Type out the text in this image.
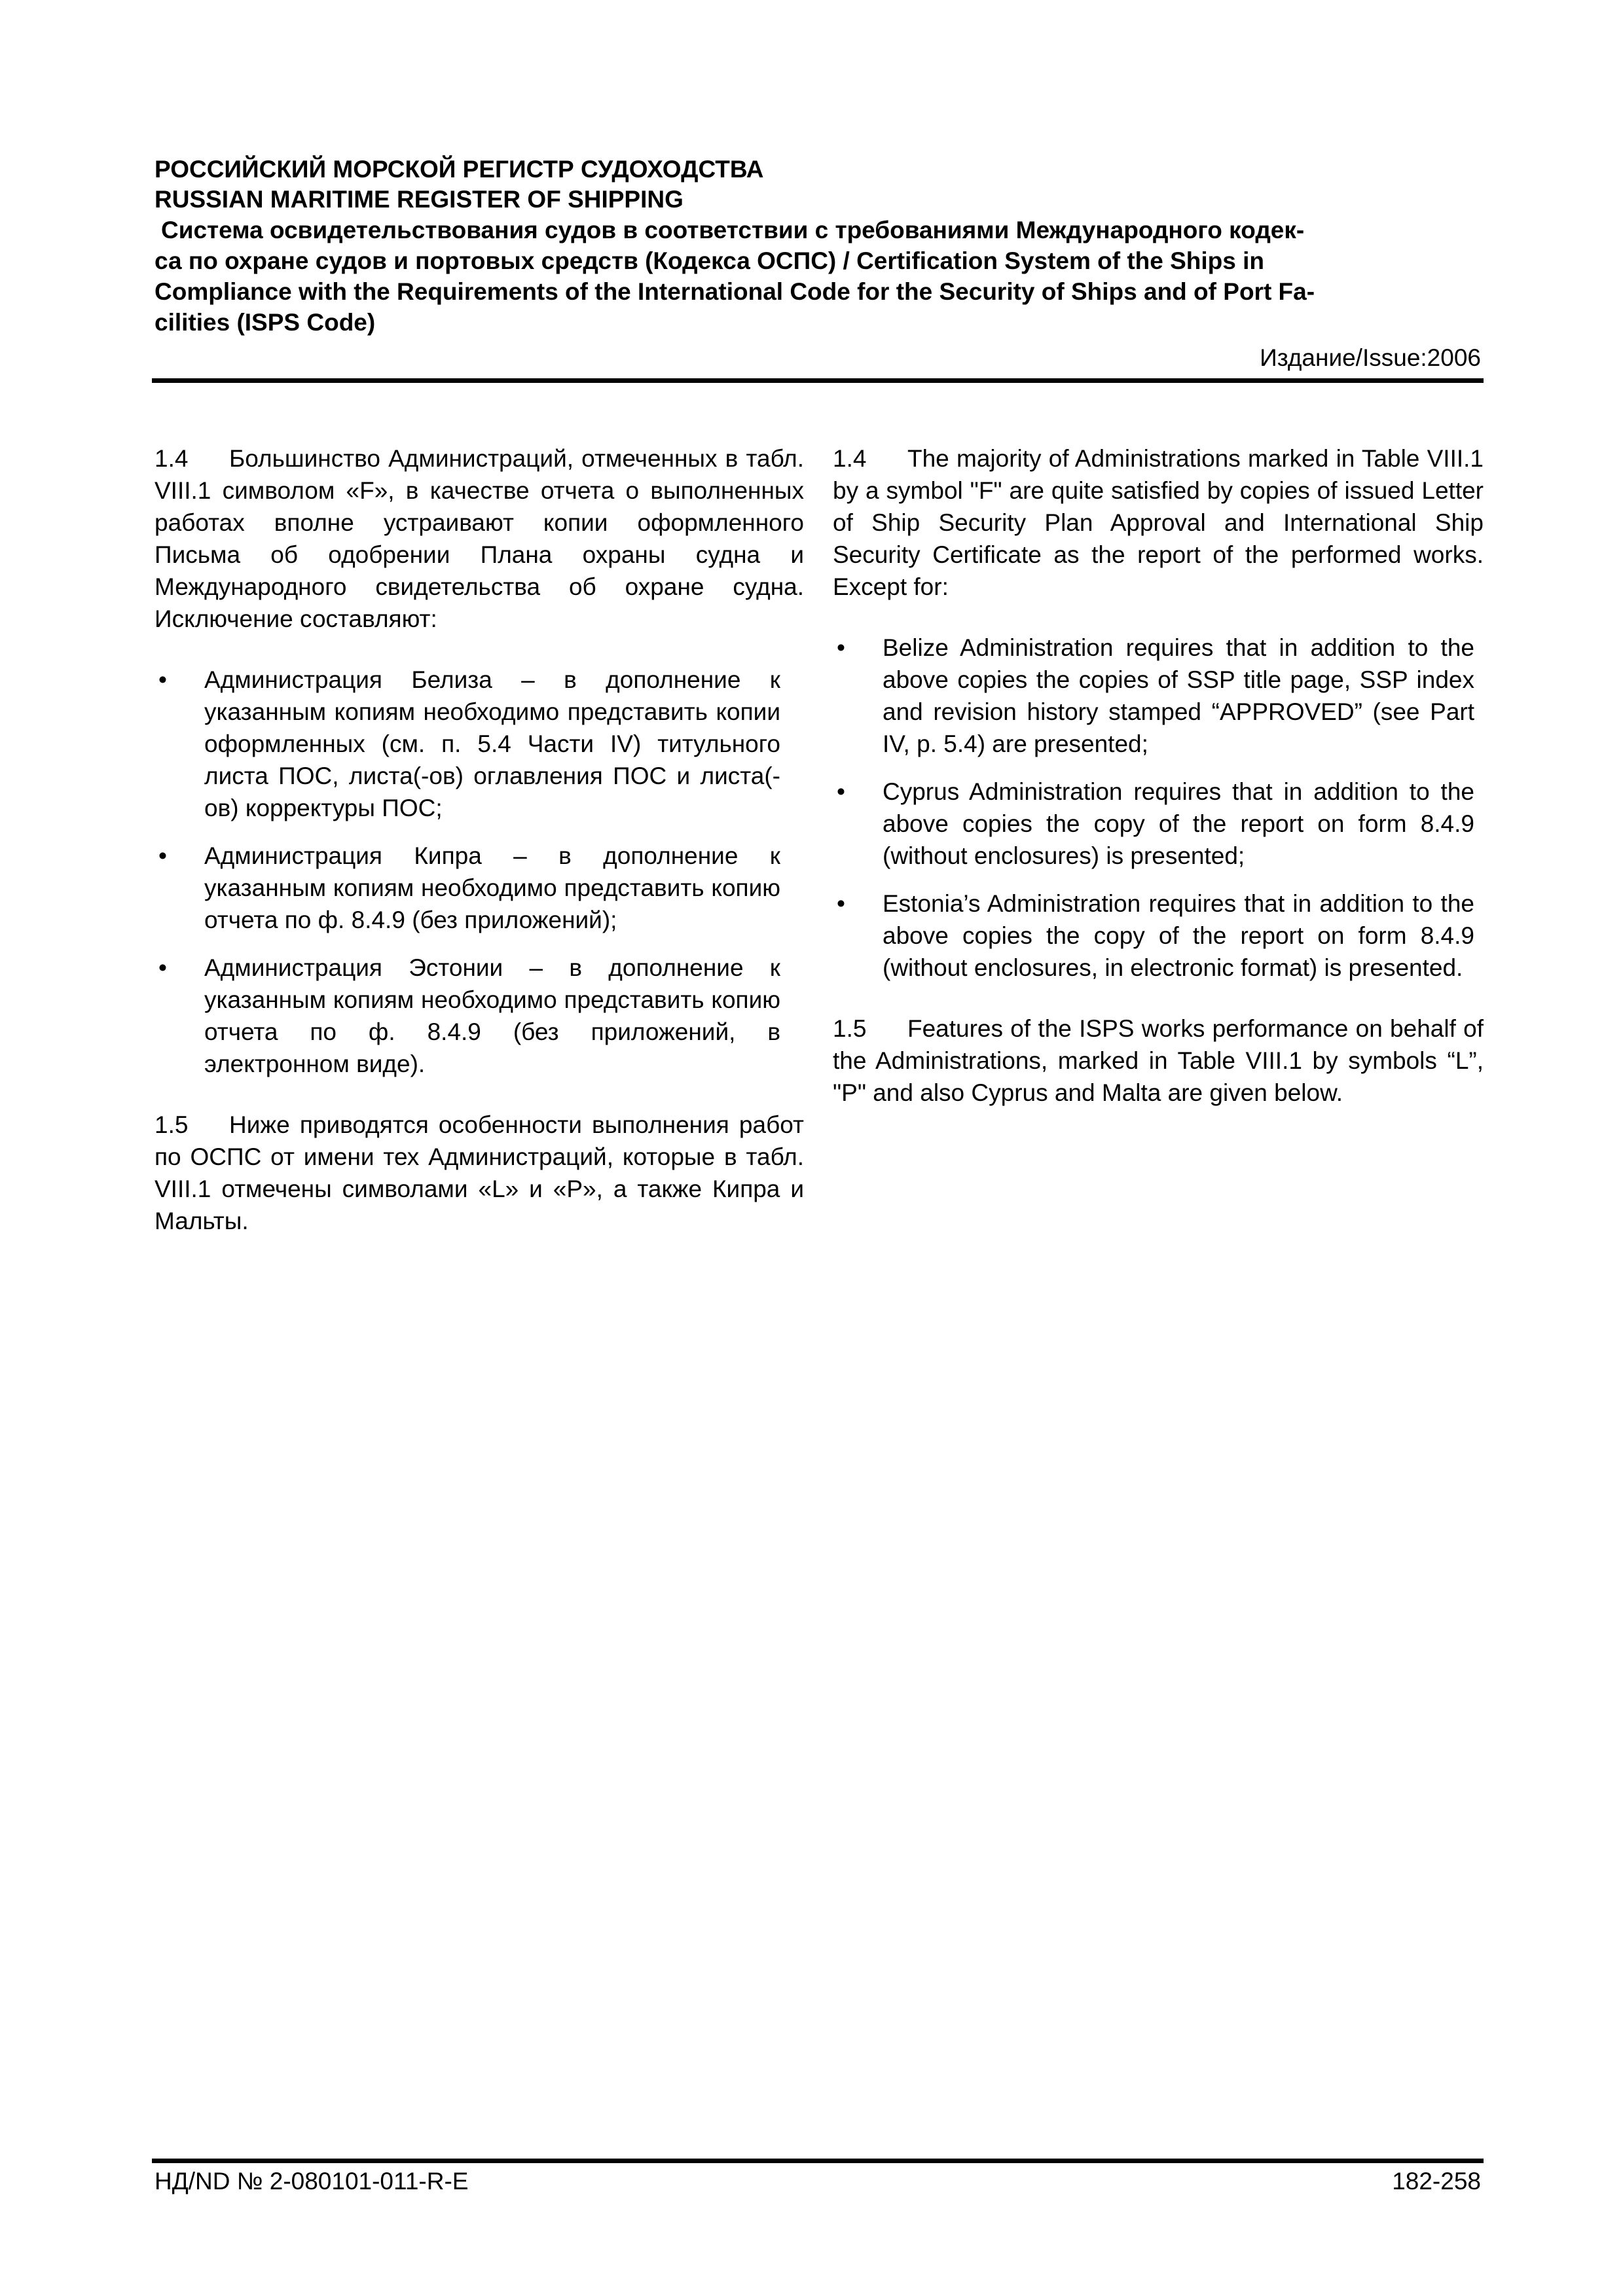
РОССИЙСКИЙ МОРСКОЙ РЕГИСТР СУДОХОДСТВА

RUSSIAN MARITIME REGISTER OF SHIPPING

Система освидетельствования судов в соответствии с требованиями Международного кодек-

са по охране судов и портовых средств (Кодекса ОСПС) / Certification System of the Ships in

Compliance with the Requirements of the International Code for the Security of Ships and of Port Fa-

cilities (ISPS Code)

Издание/Issue:2006

1.4 Большинство Администраций, отмеченных в табл. VIII.1 символом «F», в качестве отчета о выполненных работах вполне устраивают копии оформленного Письма об одобрении Плана охраны судна и Международного свидетельства об охране судна. Исключение составляют:

• Администрация Белиза – в дополнение к указанным копиям необходимо представить копии оформленных (см. п. 5.4 Части IV) титульного листа ПОС, листа(-ов) оглавления ПОС и листа(-ов) корректуры ПОС;
• Администрация Кипра – в дополнение к указанным копиям необходимо представить копию отчета по ф. 8.4.9 (без приложений);
• Администрация Эстонии – в дополнение к указанным копиям необходимо представить копию отчета по ф. 8.4.9 (без приложений, в электронном виде).

1.5 Ниже приводятся особенности выполнения работ по ОСПС от имени тех Администраций, которые в табл. VIII.1 отмечены символами «L» и «P», а также Кипра и Мальты.

1.4 The majority of Administrations marked in Table VIII.1 by a symbol "F" are quite satisfied by copies of issued Letter of Ship Security Plan Approval and International Ship Security Certificate as the report of the performed works. Except for:

• Belize Administration requires that in addition to the above copies the copies of SSP title page, SSP index and revision history stamped “APPROVED” (see Part IV, p. 5.4) are presented;
• Cyprus Administration requires that in addition to the above copies the copy of the report on form 8.4.9 (without enclosures) is presented;
• Estonia’s Administration requires that in addition to the above copies the copy of the report on form 8.4.9 (without enclosures, in electronic format) is presented.

1.5 Features of the ISPS works performance on behalf of the Administrations, marked in Table VIII.1 by symbols “L”, "P" and also Cyprus and Malta are given below.

НД/ND № 2-080101-011-R-E	182-258
